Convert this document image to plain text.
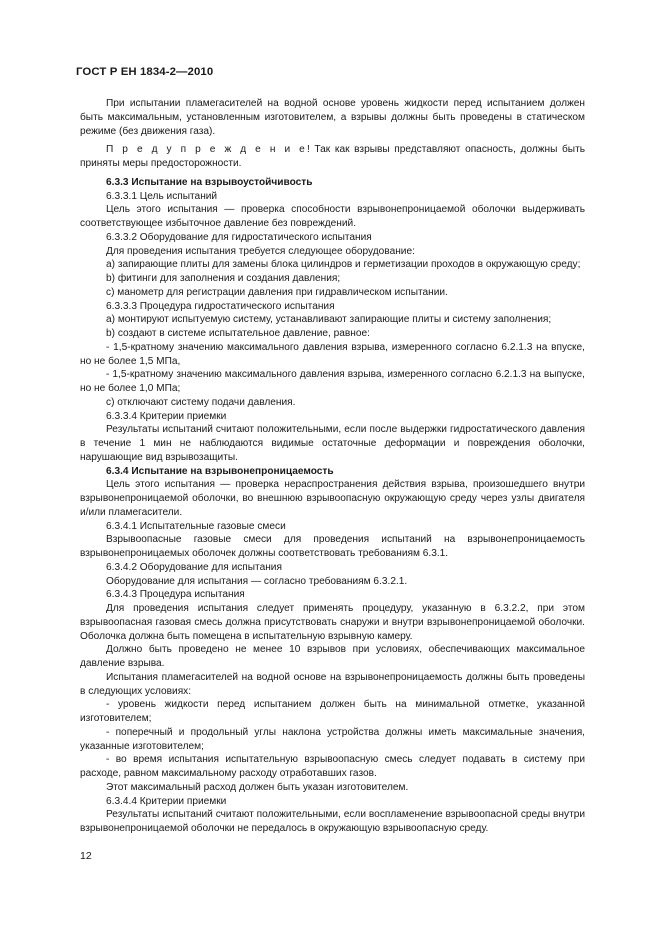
ГОСТ Р ЕН 1834-2—2010

При испытании пламегасителей на водной основе уровень жидкости перед испытанием должен быть максимальным, установленным изготовителем, а взрывы должны быть проведены в статическом режиме (без движения газа).

П р е д у п р е ж д е н и е! Так как взрывы представляют опасность, должны быть приняты меры предосторожности.

6.3.3 Испытание на взрывоустойчивость

6.3.3.1 Цель испытаний

Цель этого испытания — проверка способности взрывонепроницаемой оболочки выдерживать соответствующее избыточное давление без повреждений.

6.3.3.2 Оборудование для гидростатического испытания

Для проведения испытания требуется следующее оборудование:

а) запирающие плиты для замены блока цилиндров и герметизации проходов в окружающую среду;

b) фитинги для заполнения и создания давления;

с) манометр для регистрации давления при гидравлическом испытании.

6.3.3.3 Процедура гидростатического испытания

а) монтируют испытуемую систему, устанавливают запирающие плиты и систему заполнения;

b) создают в системе испытательное давление, равное:

- 1,5-кратному значению максимального давления взрыва, измеренного согласно 6.2.1.3 на впуске, но не более 1,5 МПа,

- 1,5-кратному значению максимального давления взрыва, измеренного согласно 6.2.1.3 на выпуске, но не более 1,0 МПа;

с) отключают систему подачи давления.

6.3.3.4 Критерии приемки

Результаты испытаний считают положительными, если после выдержки гидростатического давления в течение 1 мин не наблюдаются видимые остаточные деформации и повреждения оболочки, нарушающие вид взрывозащиты.

6.3.4 Испытание на взрывонепроницаемость

Цель этого испытания — проверка нераспространения действия взрыва, произошедшего внутри взрывонепроницаемой оболочки, во внешнюю взрывоопасную окружающую среду через узлы двигателя и/или пламегасители.

6.3.4.1 Испытательные газовые смеси

Взрывоопасные газовые смеси для проведения испытаний на взрывонепроницаемость взрывонепроницаемых оболочек должны соответствовать требованиям 6.3.1.

6.3.4.2 Оборудование для испытания

Оборудование для испытания — согласно требованиям 6.3.2.1.

6.3.4.3 Процедура испытания

Для проведения испытания следует применять процедуру, указанную в 6.3.2.2, при этом взрывоопасная газовая смесь должна присутствовать снаружи и внутри взрывонепроницаемой оболочки. Оболочка должна быть помещена в испытательную взрывную камеру.

Должно быть проведено не менее 10 взрывов при условиях, обеспечивающих максимальное давление взрыва.

Испытания пламегасителей на водной основе на взрывонепроницаемость должны быть проведены в следующих условиях:

- уровень жидкости перед испытанием должен быть на минимальной отметке, указанной изготовителем;

- поперечный и продольный углы наклона устройства должны иметь максимальные значения, указанные изготовителем;

- во время испытания испытательную взрывоопасную смесь следует подавать в систему при расходе, равном максимальному расходу отработавших газов.

Этот максимальный расход должен быть указан изготовителем.

6.3.4.4 Критерии приемки

Результаты испытаний считают положительными, если воспламенение взрывоопасной среды внутри взрывонепроницаемой оболочки не передалось в окружающую взрывоопасную среду.

12
